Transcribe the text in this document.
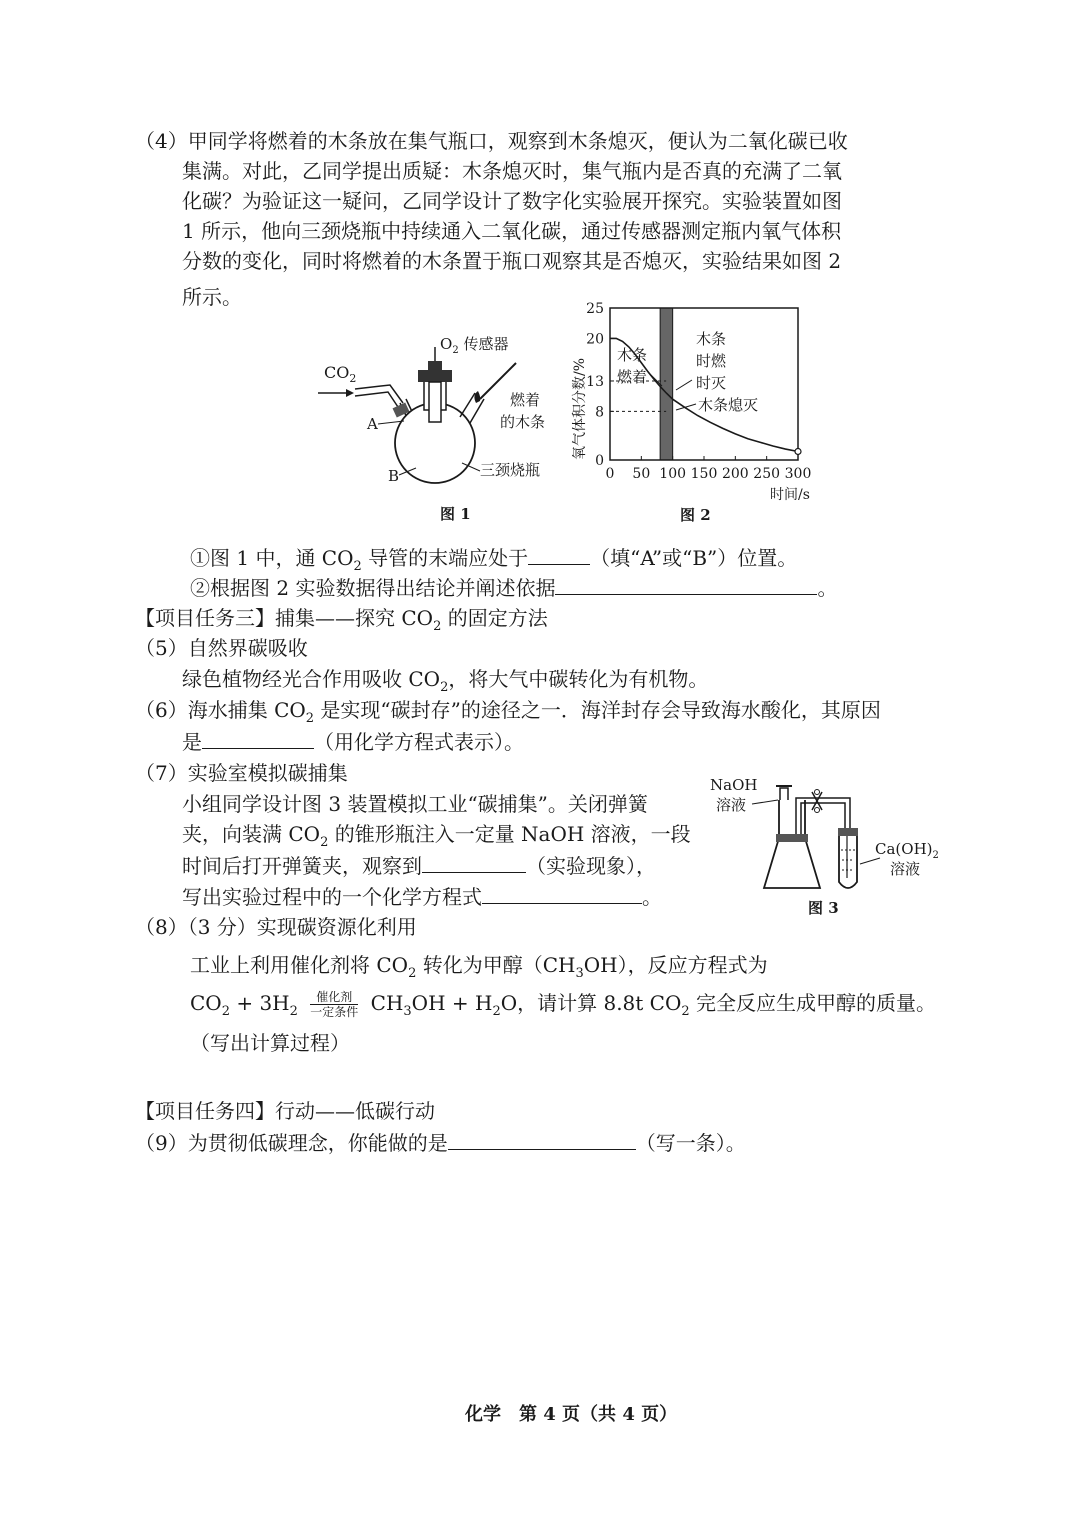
（4）甲同学将燃着的木条放在集气瓶口，观察到木条熄灭，便认为二氧化碳已收
集满。对此，乙同学提出质疑：木条熄灭时，集气瓶内是否真的充满了二氧
化碳？为验证这一疑问，乙同学设计了数字化实验展开探究。实验装置如图
1 所示，他向三颈烧瓶中持续通入二氧化碳，通过传感器测定瓶内氧气体积
分数的变化，同时将燃着的木条置于瓶口观察其是否熄灭，实验结果如图 2
所示。
$CO_2$
$O_2$ 传感器
A
B
燃着
的木条
三颈烧瓶
图 1
氧气体积分数/%
0
8
13
20
25
0 50 100 150 200 250 300
木条
燃着
木条
时燃
时灭
木条熄灭
时间/s
图 2
①图 1 中，通 $CO_2$ 导管的末端应处于	（填“A”或“B”）位置。
②根据图 2 实验数据得出结论并阐述依据	。
【项目任务三】捕集——探究 $CO_2$ 的固定方法
（5）自然界碳吸收
绿色植物经光合作用吸收 $CO_2$，将大气中碳转化为有机物。
（6）海水捕集 $CO_2$ 是实现“碳封存”的途径之一．海洋封存会导致海水酸化，其原因
是	（用化学方程式表示）。
（7）实验室模拟碳捕集
小组同学设计图 3 装置模拟工业“碳捕集”。关闭弹簧
夹，向装满 $CO_2$ 的锥形瓶注入一定量 NaOH 溶液，一段
时间后打开弹簧夹，观察到	（实验现象），
写出实验过程中的一个化学方程式	。
NaOH
溶液
$Ca(OH)_2$
溶液
图 3
（8）（3 分）实现碳资源化利用
工业上利用催化剂将 $CO_2$ 转化为甲醇$(CH_3OH)$，反应方程式为
$CO_2 + 3H_2 \frac{\text{催化剂}}{\text{一定条件}} CH_3OH + H_2O$，请计算 8.8t $CO_2$ 完全反应生成甲醇的质量。
（写出计算过程）
【项目任务四】行动——低碳行动
（9）为贯彻低碳理念，你能做的是	（写一条）。
化学　第 4 页（共 4 页）
